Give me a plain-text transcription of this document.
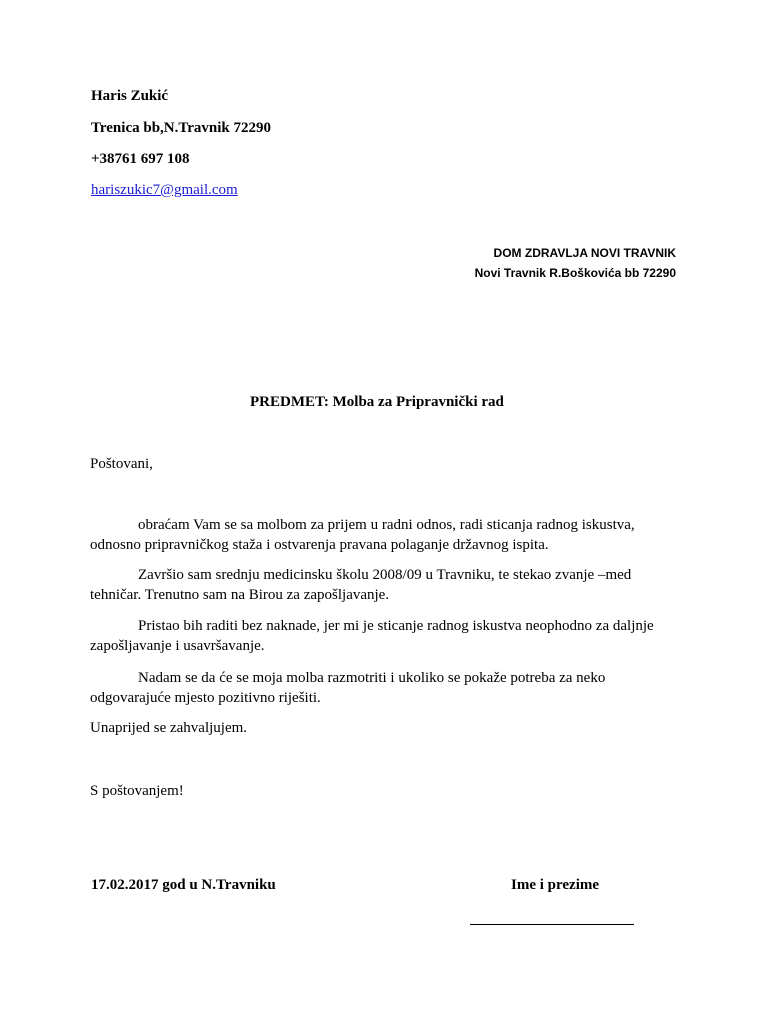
Haris Zukić
Trenica bb,N.Travnik 72290
+38761 697 108
hariszukic7@gmail.com
DOM ZDRAVLJA NOVI TRAVNIK
Novi Travnik R.Boškovića bb 72290
PREDMET: Molba za Pripravnički rad
Poštovani,
obraćam Vam se sa molbom za prijem u radni odnos, radi sticanja radnog iskustva,
odnosno pripravničkog staža i ostvarenja pravana polaganje državnog ispita.
Završio sam srednju medicinsku školu 2008/09 u Travniku, te stekao zvanje –med
tehničar. Trenutno sam na Birou za zapošljavanje.
Pristao bih raditi bez naknade, jer mi je sticanje radnog iskustva neophodno za daljnje
zapošljavanje i usavršavanje.
Nadam se da će se moja molba razmotriti i ukoliko se pokaže potreba za neko
odgovarajuće mjesto pozitivno riješiti.
Unaprijed se zahvaljujem.
S poštovanjem!
17.02.2017 god u N.Travniku	Ime i prezime
